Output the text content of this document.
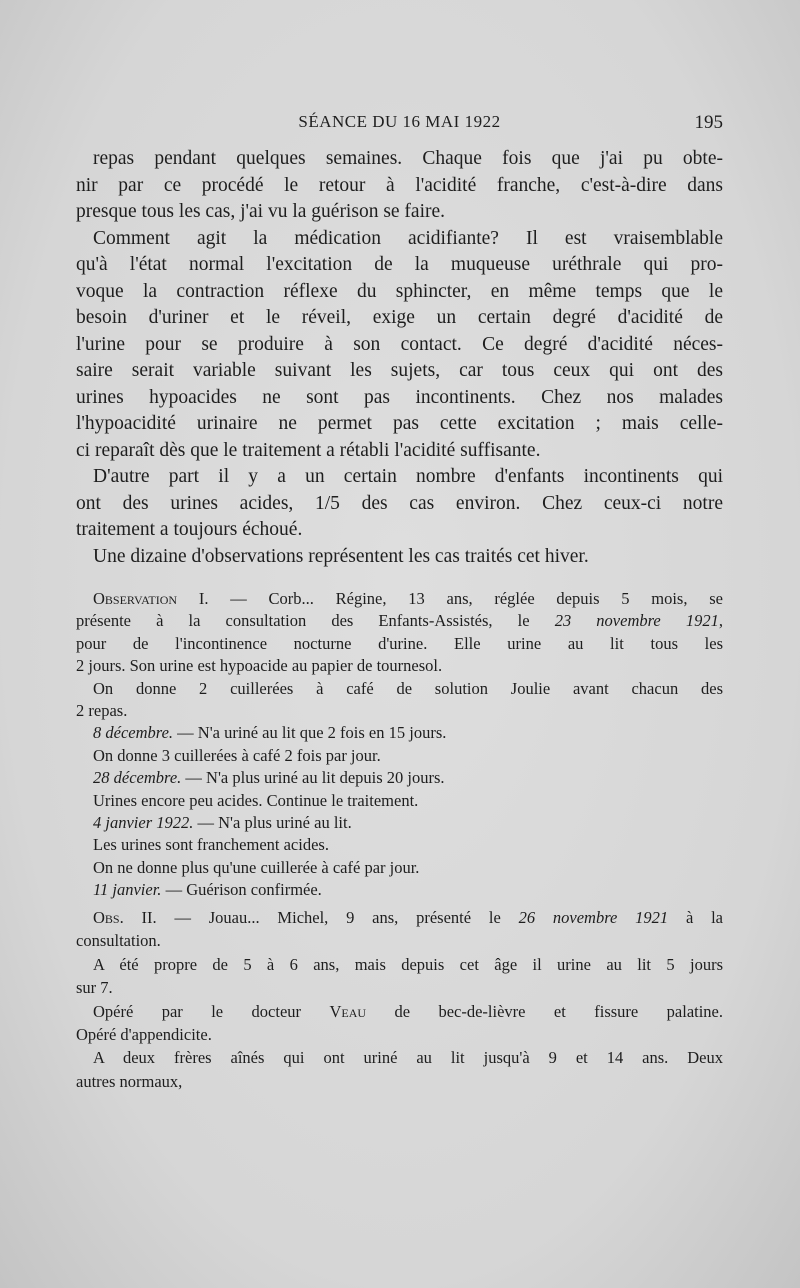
SÉANCE DU 16 MAI 1922	195
repas pendant quelques semaines. Chaque fois que j'ai pu obte-
nir par ce procédé le retour à l'acidité franche, c'est-à-dire dans
presque tous les cas, j'ai vu la guérison se faire.
Comment agit la médication acidifiante? Il est vraisemblable
qu'à l'état normal l'excitation de la muqueuse uréthrale qui pro-
voque la contraction réflexe du sphincter, en même temps que le
besoin d'uriner et le réveil, exige un certain degré d'acidité de
l'urine pour se produire à son contact. Ce degré d'acidité néces-
saire serait variable suivant les sujets, car tous ceux qui ont des
urines hypoacides ne sont pas incontinents. Chez nos malades
l'hypoacidité urinaire ne permet pas cette excitation ; mais celle-
ci reparaît dès que le traitement a rétabli l'acidité suffisante.
D'autre part il y a un certain nombre d'enfants incontinents qui
ont des urines acides, 1/5 des cas environ. Chez ceux-ci notre
traitement a toujours échoué.
Une dizaine d'observations représentent les cas traités cet hiver.
Observation I. — Corb... Régine, 13 ans, réglée depuis 5 mois, se
présente à la consultation des Enfants-Assistés, le 23 novembre 1921,
pour de l'incontinence nocturne d'urine. Elle urine au lit tous les
2 jours. Son urine est hypoacide au papier de tournesol.
On donne 2 cuillerées à café de solution Joulie avant chacun des
2 repas.
8 décembre. — N'a uriné au lit que 2 fois en 15 jours.
On donne 3 cuillerées à café 2 fois par jour.
28 décembre. — N'a plus uriné au lit depuis 20 jours.
Urines encore peu acides. Continue le traitement.
4 janvier 1922. — N'a plus uriné au lit.
Les urines sont franchement acides.
On ne donne plus qu'une cuillerée à café par jour.
11 janvier. — Guérison confirmée.
Obs. II. — Jouau... Michel, 9 ans, présenté le 26 novembre 1921 à la
consultation.
A été propre de 5 à 6 ans, mais depuis cet âge il urine au lit 5 jours
sur 7.
Opéré par le docteur Veau de bec-de-lièvre et fissure palatine.
Opéré d'appendicite.
A deux frères aînés qui ont uriné au lit jusqu'à 9 et 14 ans. Deux
autres normaux,
